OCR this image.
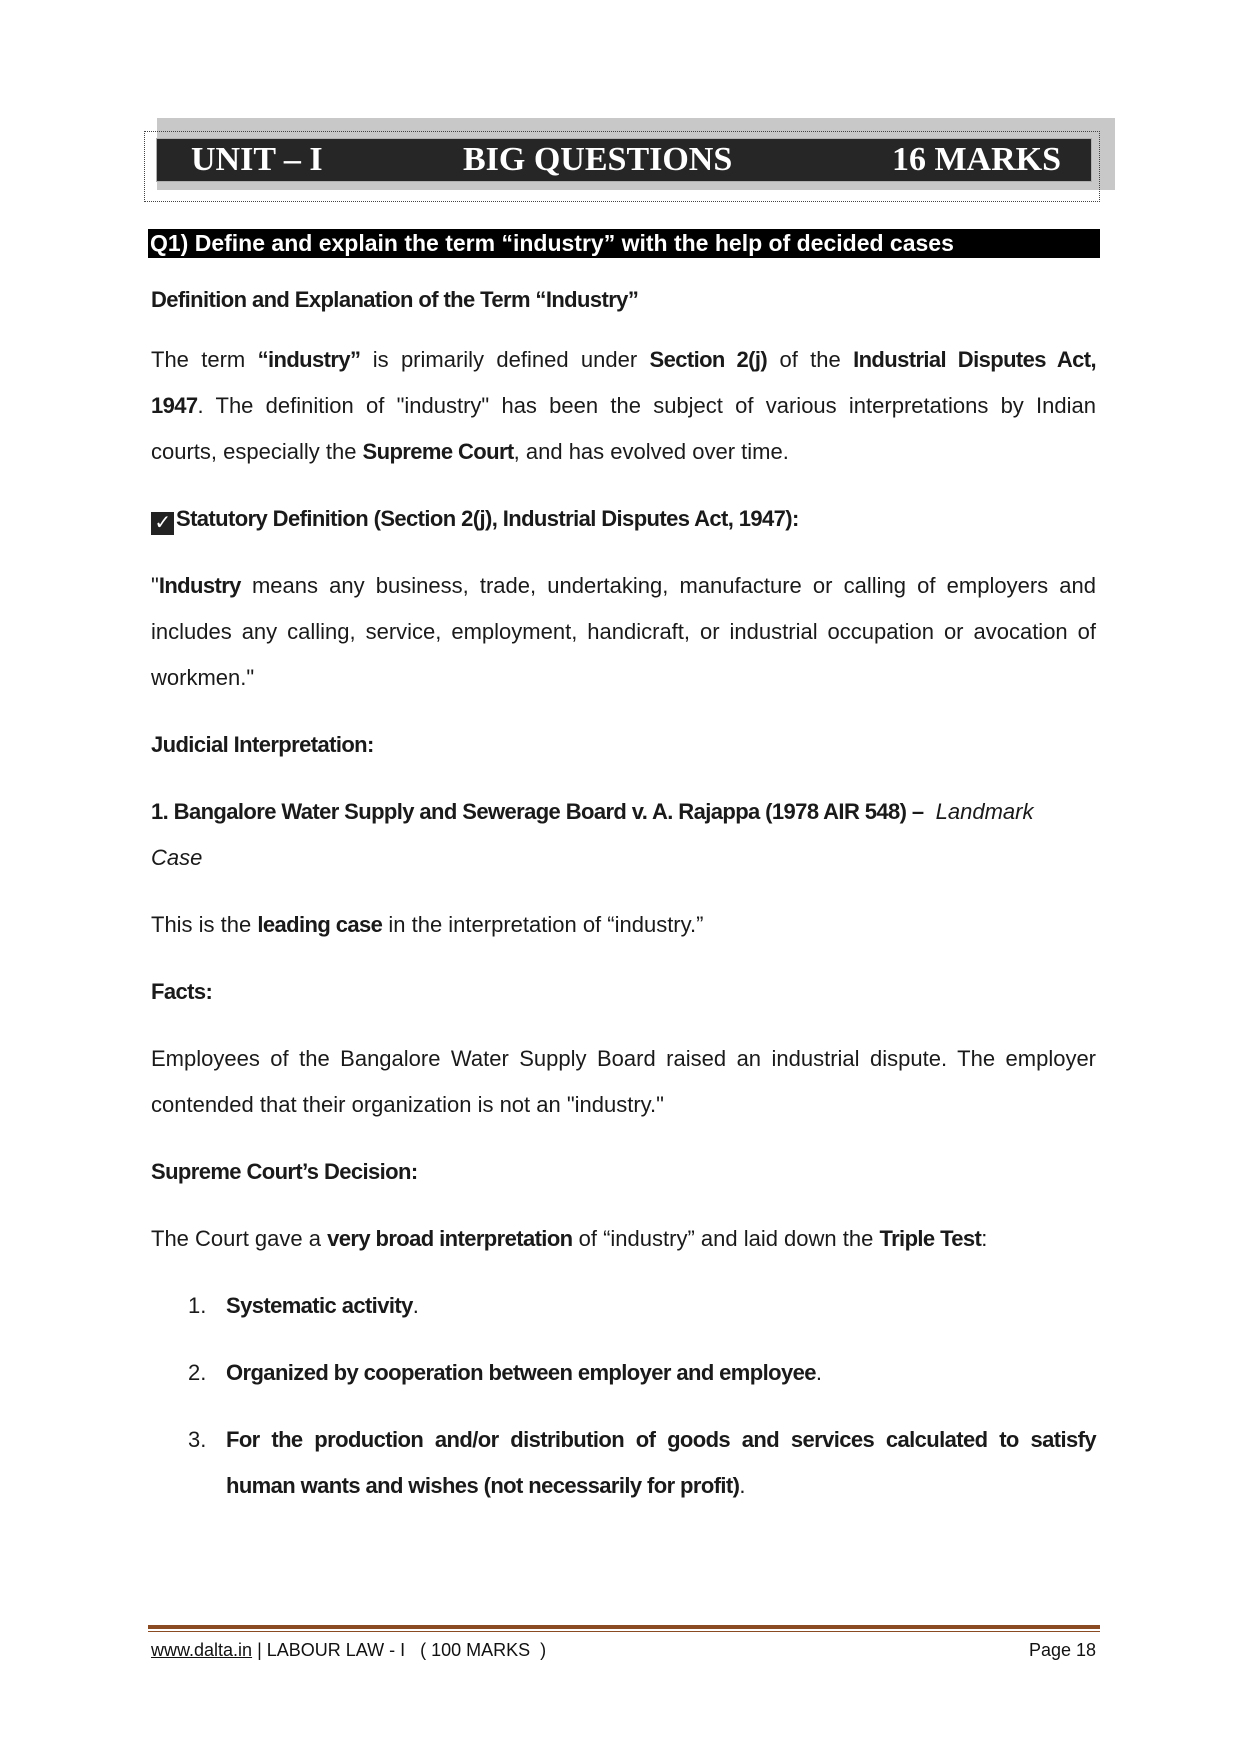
UNIT – I	BIG QUESTIONS	16 MARKS
Q1) Define and explain the term “industry” with the help of decided cases
Definition and Explanation of the Term “Industry”
The term “industry” is primarily defined under Section 2(j) of the Industrial Disputes Act,
1947. The definition of "industry" has been the subject of various interpretations by Indian
courts, especially the Supreme Court, and has evolved over time.
✓ Statutory Definition (Section 2(j), Industrial Disputes Act, 1947):
"Industry means any business, trade, undertaking, manufacture or calling of employers and
includes any calling, service, employment, handicraft, or industrial occupation or avocation of
workmen."
Judicial Interpretation:
1. Bangalore Water Supply and Sewerage Board v. A. Rajappa (1978 AIR 548) – Landmark
Case
This is the leading case in the interpretation of “industry.”
Facts:
Employees of the Bangalore Water Supply Board raised an industrial dispute. The employer
contended that their organization is not an "industry."
Supreme Court’s Decision:
The Court gave a very broad interpretation of “industry” and laid down the Triple Test:
1. Systematic activity.
2. Organized by cooperation between employer and employee.
3. For the production and/or distribution of goods and services calculated to satisfy
human wants and wishes (not necessarily for profit).
www.dalta.in | LABOUR LAW - I   ( 100 MARKS  )	Page 18
